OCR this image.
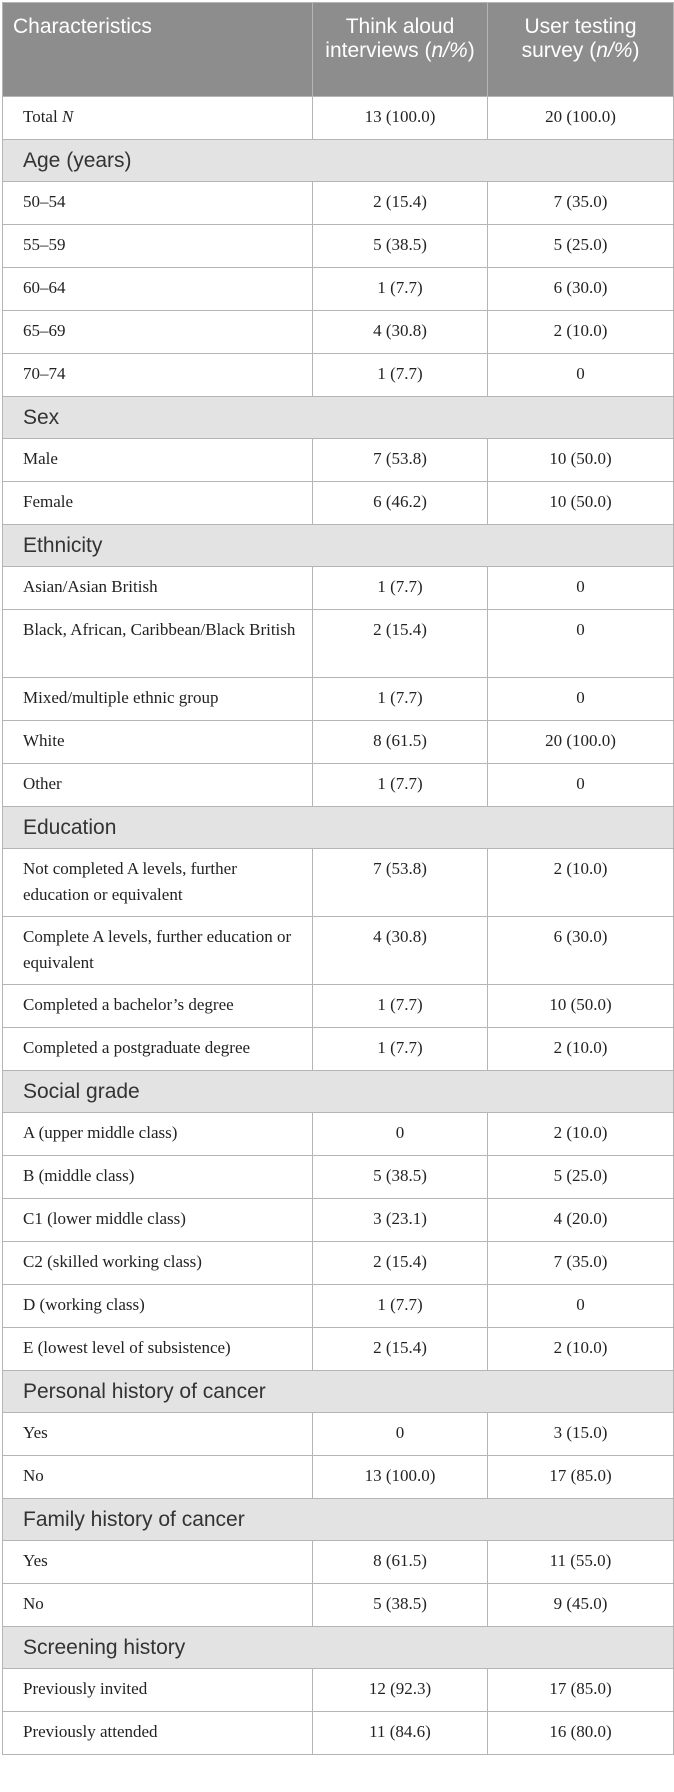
Characteristics	Think aloud interviews (n/%)	User testing survey (n/%)
Total N	13 (100.0)	20 (100.0)
Age (years)		
50–54	2 (15.4)	7 (35.0)
55–59	5 (38.5)	5 (25.0)
60–64	1 (7.7)	6 (30.0)
65–69	4 (30.8)	2 (10.0)
70–74	1 (7.7)	0
Sex		
Male	7 (53.8)	10 (50.0)
Female	6 (46.2)	10 (50.0)
Ethnicity		
Asian/Asian British	1 (7.7)	0
Black, African, Caribbean/Black British	2 (15.4)	0
Mixed/multiple ethnic group	1 (7.7)	0
White	8 (61.5)	20 (100.0)
Other	1 (7.7)	0
Education		
Not completed A levels, further education or equivalent	7 (53.8)	2 (10.0)
Complete A levels, further education or equivalent	4 (30.8)	6 (30.0)
Completed a bachelor’s degree	1 (7.7)	10 (50.0)
Completed a postgraduate degree	1 (7.7)	2 (10.0)
Social grade		
A (upper middle class)	0	2 (10.0)
B (middle class)	5 (38.5)	5 (25.0)
C1 (lower middle class)	3 (23.1)	4 (20.0)
C2 (skilled working class)	2 (15.4)	7 (35.0)
D (working class)	1 (7.7)	0
E (lowest level of subsistence)	2 (15.4)	2 (10.0)
Personal history of cancer		
Yes	0	3 (15.0)
No	13 (100.0)	17 (85.0)
Family history of cancer		
Yes	8 (61.5)	11 (55.0)
No	5 (38.5)	9 (45.0)
Screening history		
Previously invited	12 (92.3)	17 (85.0)
Previously attended	11 (84.6)	16 (80.0)
